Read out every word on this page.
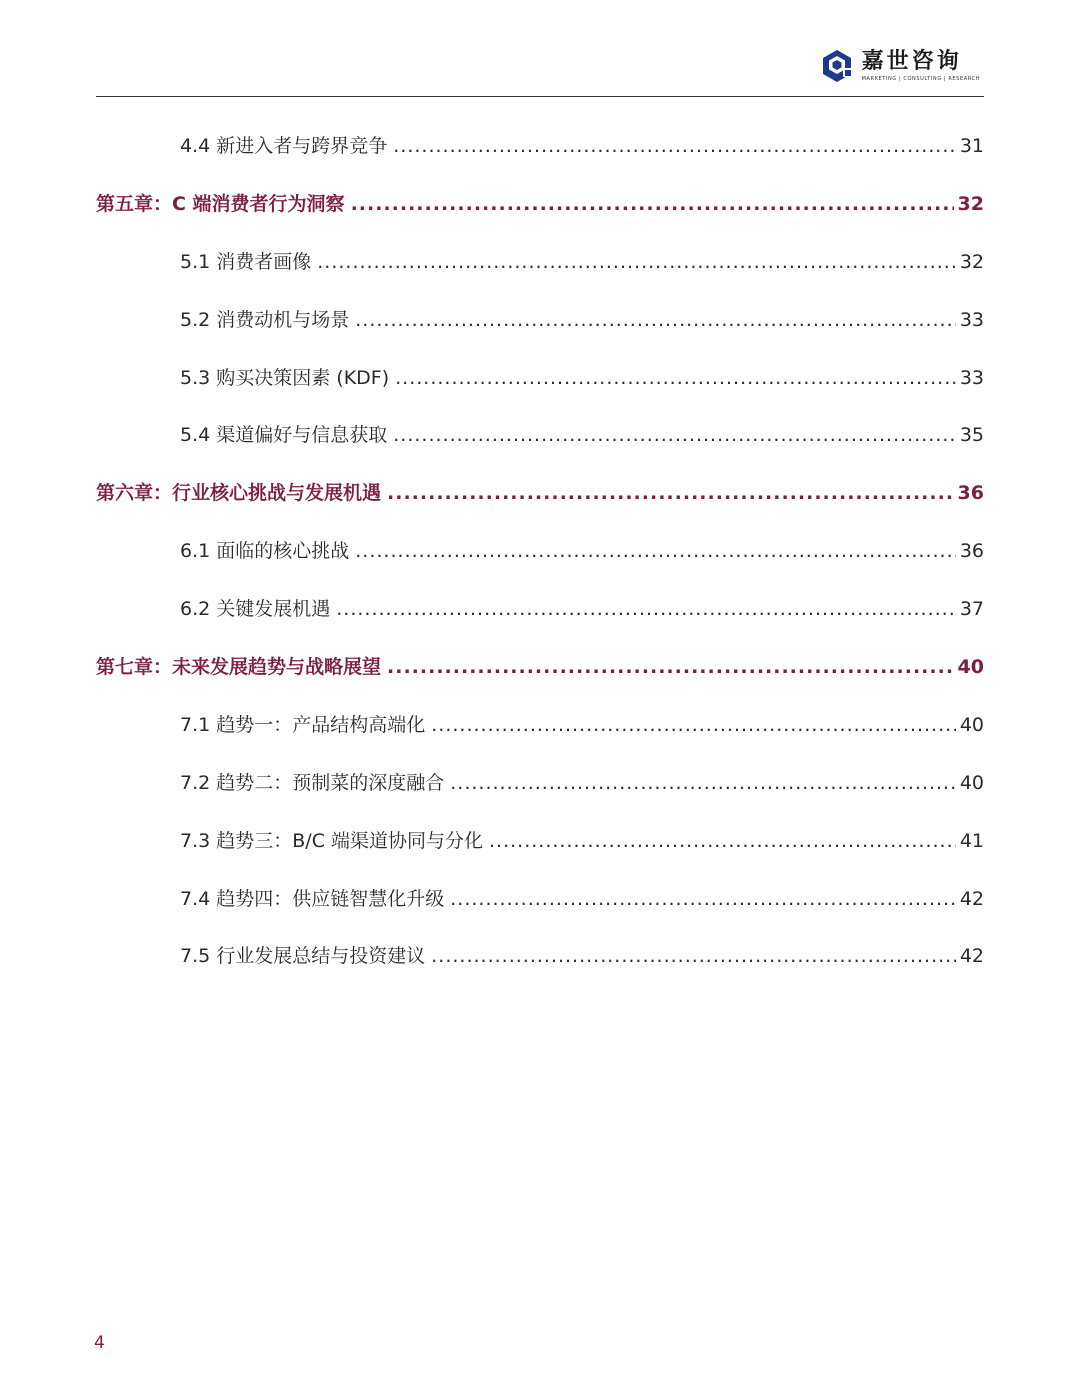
嘉世咨询
MARKETING | CONSULTING | RESEARCH
4.4 新进入者与跨界竞争 .....	31
第五章：C 端消费者行为洞察 .....	32
5.1 消费者画像 .....	32
5.2 消费动机与场景 .....	33
5.3 购买决策因素 (KDF) .....	33
5.4 渠道偏好与信息获取 .....	35
第六章：行业核心挑战与发展机遇 .....	36
6.1 面临的核心挑战 .....	36
6.2 关键发展机遇 .....	37
第七章：未来发展趋势与战略展望 .....	40
7.1 趋势一：产品结构高端化 .....	40
7.2 趋势二：预制菜的深度融合 .....	40
7.3 趋势三：B/C 端渠道协同与分化 .....	41
7.4 趋势四：供应链智慧化升级 .....	42
7.5 行业发展总结与投资建议 .....	42
4
